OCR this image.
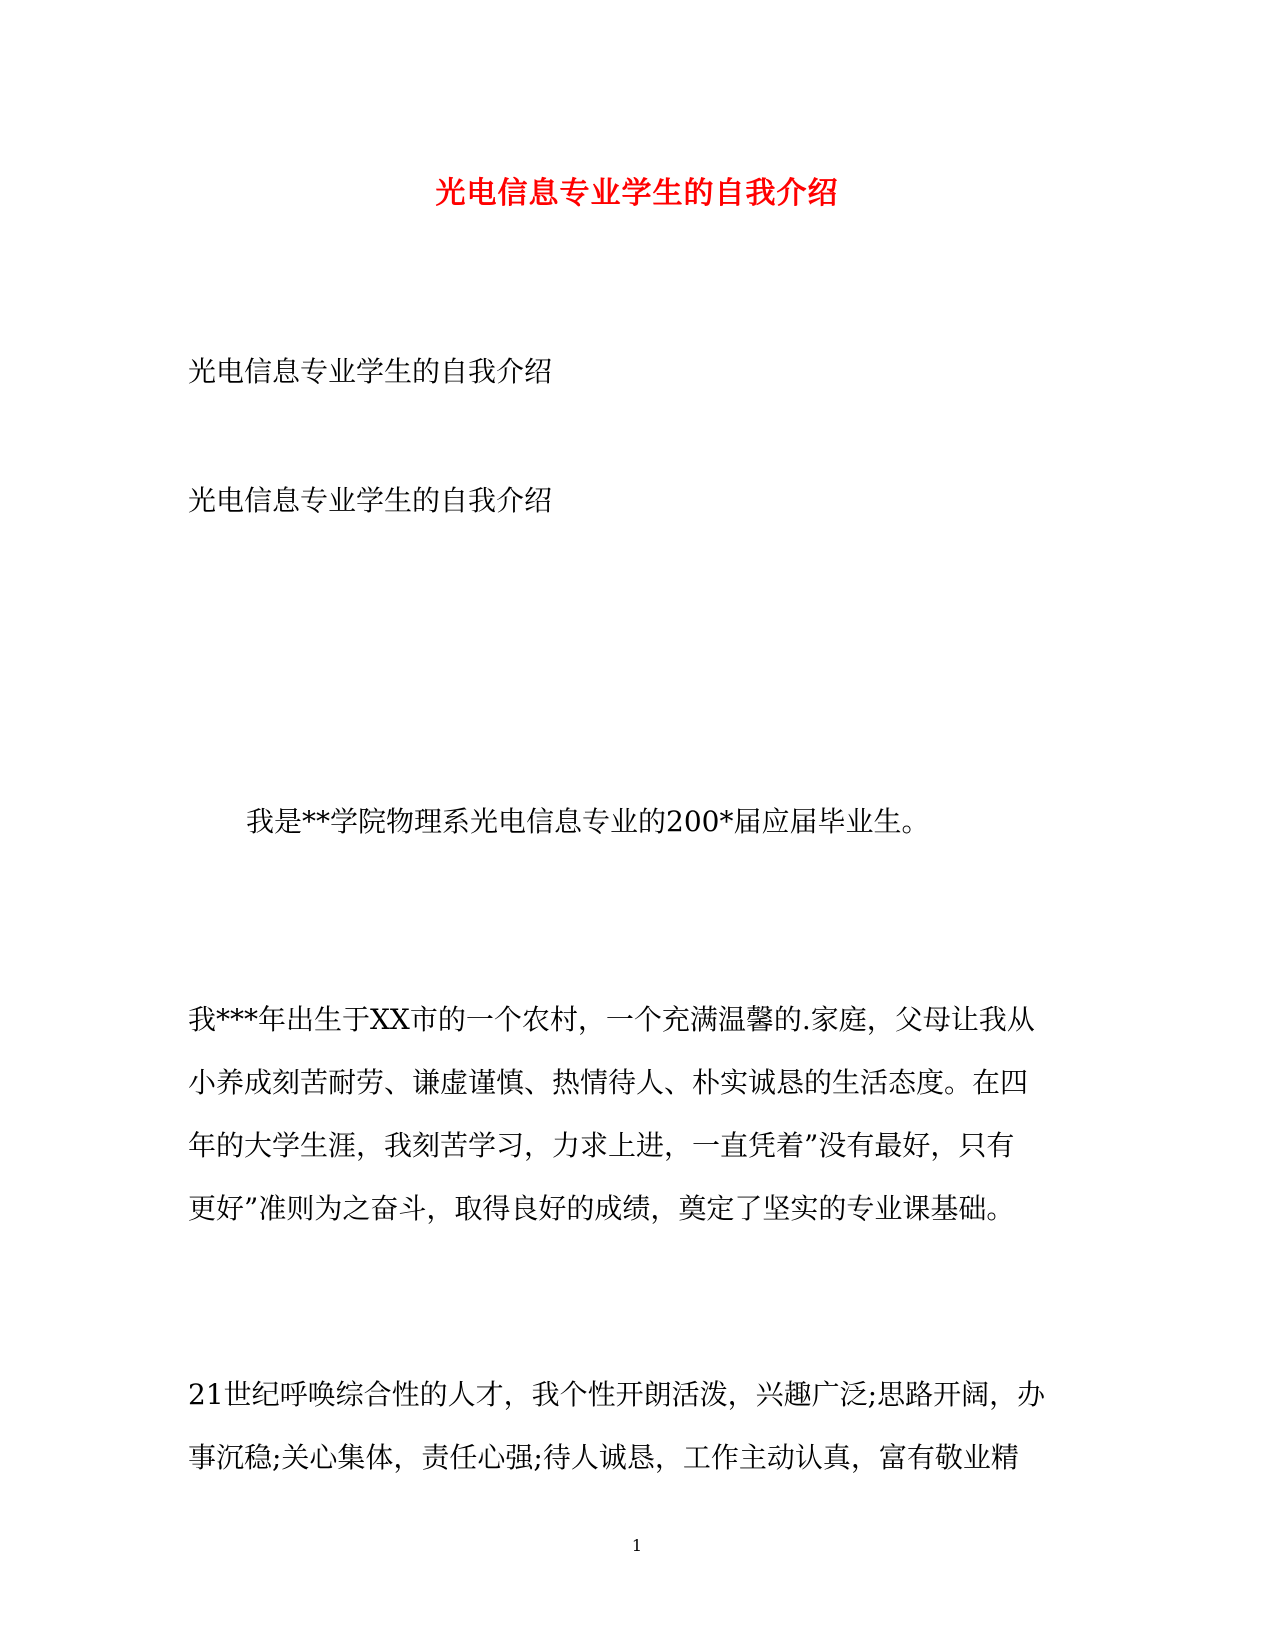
光电信息专业学生的自我介绍
光电信息专业学生的自我介绍
光电信息专业学生的自我介绍
我是**学院物理系光电信息专业的200*届应届毕业生。
我***年出生于XX市的一个农村，一个充满温馨的.家庭，父母让我从
小养成刻苦耐劳、谦虚谨慎、热情待人、朴实诚恳的生活态度。在四
年的大学生涯，我刻苦学习，力求上进，一直凭着”没有最好，只有
更好”准则为之奋斗，取得良好的成绩，奠定了坚实的专业课基础。
21世纪呼唤综合性的人才，我个性开朗活泼，兴趣广泛;思路开阔，办
事沉稳;关心集体，责任心强;待人诚恳，工作主动认真，富有敬业精
1
